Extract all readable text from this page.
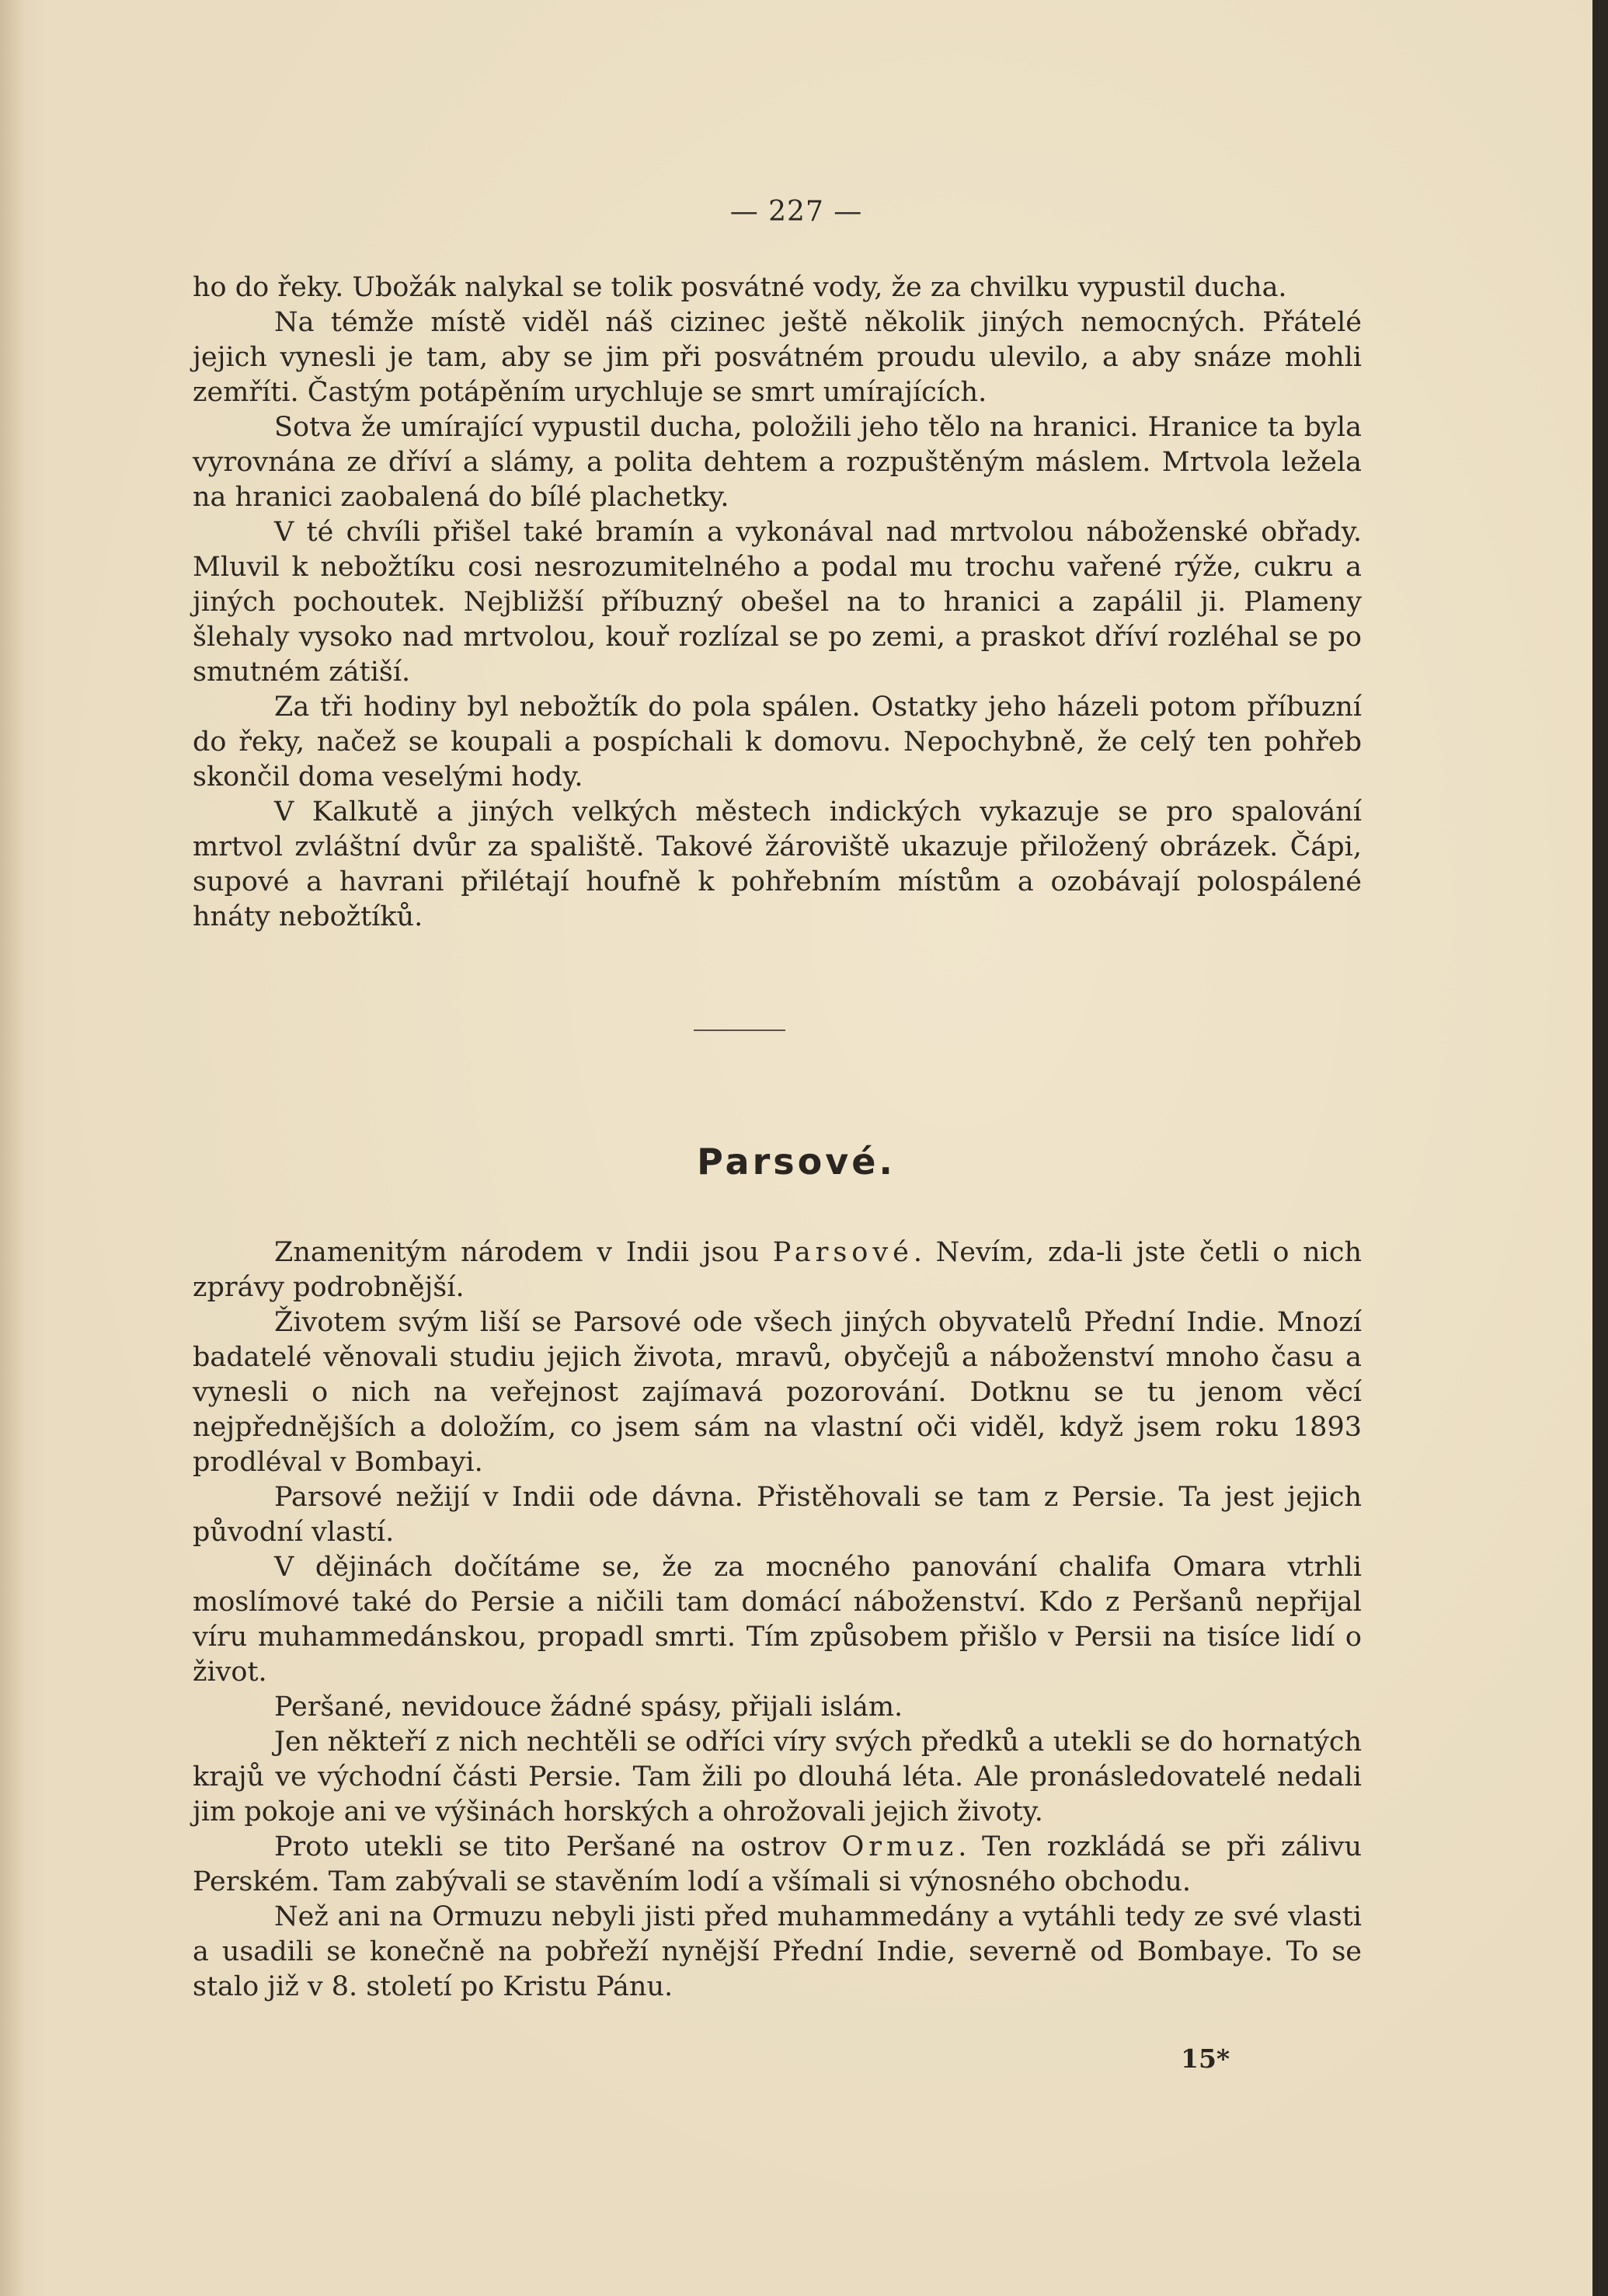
— 227 —

ho do řeky. Ubožák nalykal se tolik posvátné vody, že za chvilku vypustil ducha.

Na témže místě viděl náš cizinec ještě několik jiných nemocných. Přátelé jejich vynesli je tam, aby se jim při posvátném proudu ulevilo, a aby snáze mohli zemříti. Častým potápěním urychluje se smrt umírajících.

Sotva že umírající vypustil ducha, položili jeho tělo na hranici. Hranice ta byla vyrovnána ze dříví a slámy, a polita dehtem a rozpuštěným máslem. Mrtvola ležela na hranici zaobalená do bílé plachetky.

V té chvíli přišel také bramín a vykonával nad mrtvolou náboženské obřady. Mluvil k nebožtíku cosi nesrozumitelného a podal mu trochu vařené rýže, cukru a jiných pochoutek. Nejbližší příbuzný obešel na to hranici a zapálil ji. Plameny šlehaly vysoko nad mrtvolou, kouř rozlízal se po zemi, a praskot dříví rozléhal se po smutném zátiší.

Za tři hodiny byl nebožtík do pola spálen. Ostatky jeho házeli potom příbuzní do řeky, načež se koupali a pospíchali k domovu. Nepochybně, že celý ten pohřeb skončil doma veselými hody.

V Kalkutě a jiných velkých městech indických vykazuje se pro spalování mrtvol zvláštní dvůr za spaliště. Takové žároviště ukazuje přiložený obrázek. Čápi, supové a havrani přilétají houfně k pohřebním místům a ozobávají polospálené hnáty nebožtíků.

Parsové.

Znamenitým národem v Indii jsou Parsové. Nevím, zda-li jste četli o nich zprávy podrobnější.

Životem svým liší se Parsové ode všech jiných obyvatelů Přední Indie. Mnozí badatelé věnovali studiu jejich života, mravů, obyčejů a náboženství mnoho času a vynesli o nich na veřejnost zajímavá pozorování. Dotknu se tu jenom věcí nejpřednějších a doložím, co jsem sám na vlastní oči viděl, když jsem roku 1893 prodléval v Bombayi.

Parsové nežijí v Indii ode dávna. Přistěhovali se tam z Persie. Ta jest jejich původní vlastí.

V dějinách dočítáme se, že za mocného panování chalifa Omara vtrhli moslímové také do Persie a ničili tam domácí náboženství. Kdo z Peršanů nepřijal víru muhammedánskou, propadl smrti. Tím způsobem přišlo v Persii na tisíce lidí o život.

Peršané, nevidouce žádné spásy, přijali islám.

Jen někteří z nich nechtěli se odříci víry svých předků a utekli se do hornatých krajů ve východní části Persie. Tam žili po dlouhá léta. Ale pronásledovatelé nedali jim pokoje ani ve výšinách horských a ohrožovali jejich životy.

Proto utekli se tito Peršané na ostrov Ormuz. Ten rozkládá se při zálivu Perském. Tam zabývali se stavěním lodí a všímali si výnosného obchodu.

Než ani na Ormuzu nebyli jisti před muhammedány a vytáhli tedy ze své vlasti a usadili se konečně na pobřeží nynější Přední Indie, severně od Bombaye. To se stalo již v 8. století po Kristu Pánu.

15*
